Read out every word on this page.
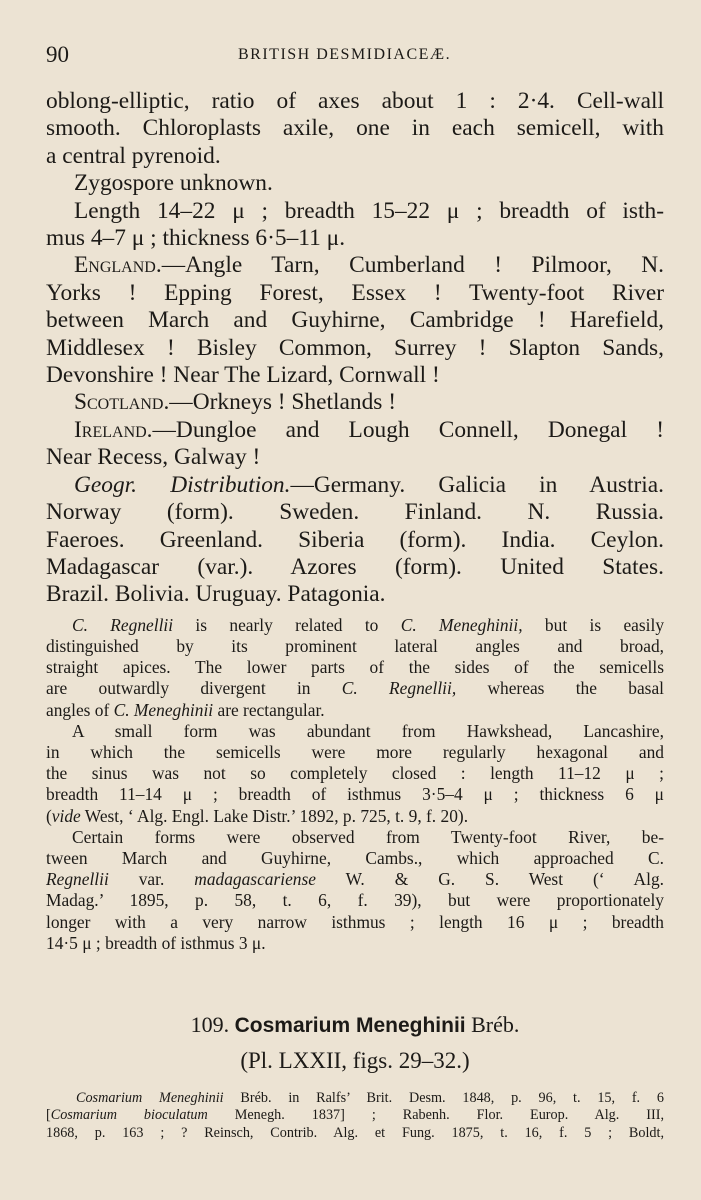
90	BRITISH DESMIDIACEÆ.
oblong-elliptic, ratio of axes about 1 : 2·4. Cell-wall
smooth. Chloroplasts axile, one in each semicell, with
a central pyrenoid.
Zygospore unknown.
Length 14–22 μ ; breadth 15–22 μ ; breadth of isth-
mus 4–7 μ ; thickness 6·5–11 μ.
England.—Angle Tarn, Cumberland ! Pilmoor, N.
Yorks ! Epping Forest, Essex ! Twenty-foot River
between March and Guyhirne, Cambridge ! Harefield,
Middlesex ! Bisley Common, Surrey ! Slapton Sands,
Devonshire ! Near The Lizard, Cornwall !
Scotland.—Orkneys ! Shetlands !
Ireland.—Dungloe and Lough Connell, Donegal !
Near Recess, Galway !
Geogr. Distribution.—Germany. Galicia in Austria.
Norway (form). Sweden. Finland. N. Russia.
Faeroes. Greenland. Siberia (form). India. Ceylon.
Madagascar (var.). Azores (form). United States.
Brazil. Bolivia. Uruguay. Patagonia.
C. Regnellii is nearly related to C. Meneghinii, but is easily
distinguished by its prominent lateral angles and broad,
straight apices. The lower parts of the sides of the semicells
are outwardly divergent in C. Regnellii, whereas the basal
angles of C. Meneghinii are rectangular.
A small form was abundant from Hawkshead, Lancashire,
in which the semicells were more regularly hexagonal and
the sinus was not so completely closed : length 11–12 μ ;
breadth 11–14 μ ; breadth of isthmus 3·5–4 μ ; thickness 6 μ
(vide West, ‘ Alg. Engl. Lake Distr.’ 1892, p. 725, t. 9, f. 20).
Certain forms were observed from Twenty-foot River, be-
tween March and Guyhirne, Cambs., which approached C.
Regnellii var. madagascariense W. & G. S. West (‘ Alg.
Madag.’ 1895, p. 58, t. 6, f. 39), but were proportionately
longer with a very narrow isthmus ; length 16 μ ; breadth
14·5 μ ; breadth of isthmus 3 μ.
109. Cosmarium Meneghinii Bréb.
(Pl. LXXII, figs. 29–32.)
Cosmarium Meneghinii Bréb. in Ralfs’ Brit. Desm. 1848, p. 96, t. 15, f. 6
[Cosmarium bioculatum Menegh. 1837] ; Rabenh. Flor. Europ. Alg. III,
1868, p. 163 ; ? Reinsch, Contrib. Alg. et Fung. 1875, t. 16, f. 5 ; Boldt,
